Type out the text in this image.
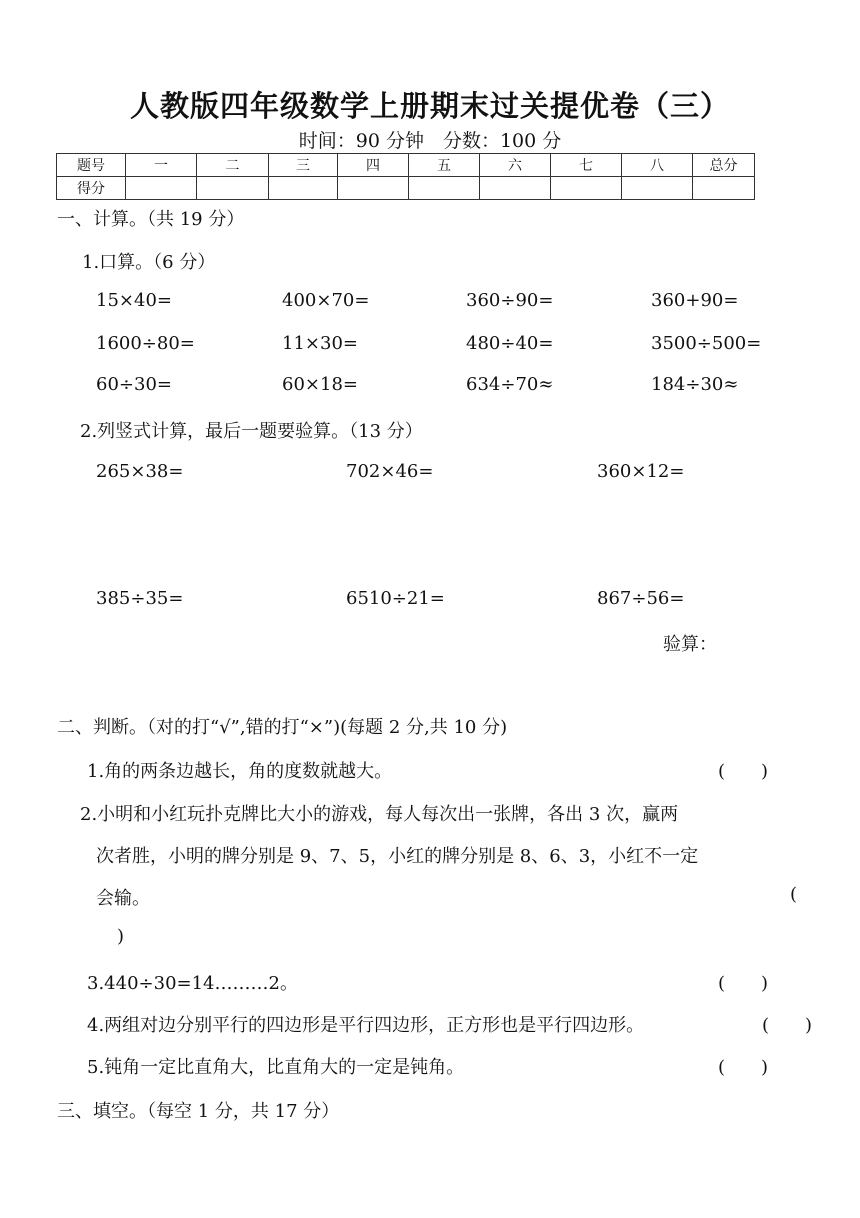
人教版四年级数学上册期末过关提优卷（三）
时间：90 分钟　分数：100 分
题号	一	二	三	四	五	六	七	八	总分
得分									
一、计算。（共 19 分）
1.口算。（6 分）
15×40=	400×70=	360÷90=	360+90=
1600÷80=	11×30=	480÷40=	3500÷500=
60÷30=	60×18=	634÷70≈	184÷30≈
2.列竖式计算，最后一题要验算。（13 分）
265×38=	702×46=	360×12=
385÷35=	6510÷21=	867÷56=
验算：
二、判断。（对的打“√”,错的打“×”)(每题 2 分,共 10 分)
1.角的两条边越长，角的度数就越大。	(　　)
2.小明和小红玩扑克牌比大小的游戏，每人每次出一张牌，各出 3 次，赢两
次者胜，小明的牌分别是 9、7、5，小红的牌分别是 8、6、3，小红不一定
会输。	(
)
3.440÷30=14………2。	(　　)
4.两组对边分别平行的四边形是平行四边形，正方形也是平行四边形。	(　　)
5.钝角一定比直角大，比直角大的一定是钝角。	(　　)
三、填空。（每空 1 分，共 17 分）
